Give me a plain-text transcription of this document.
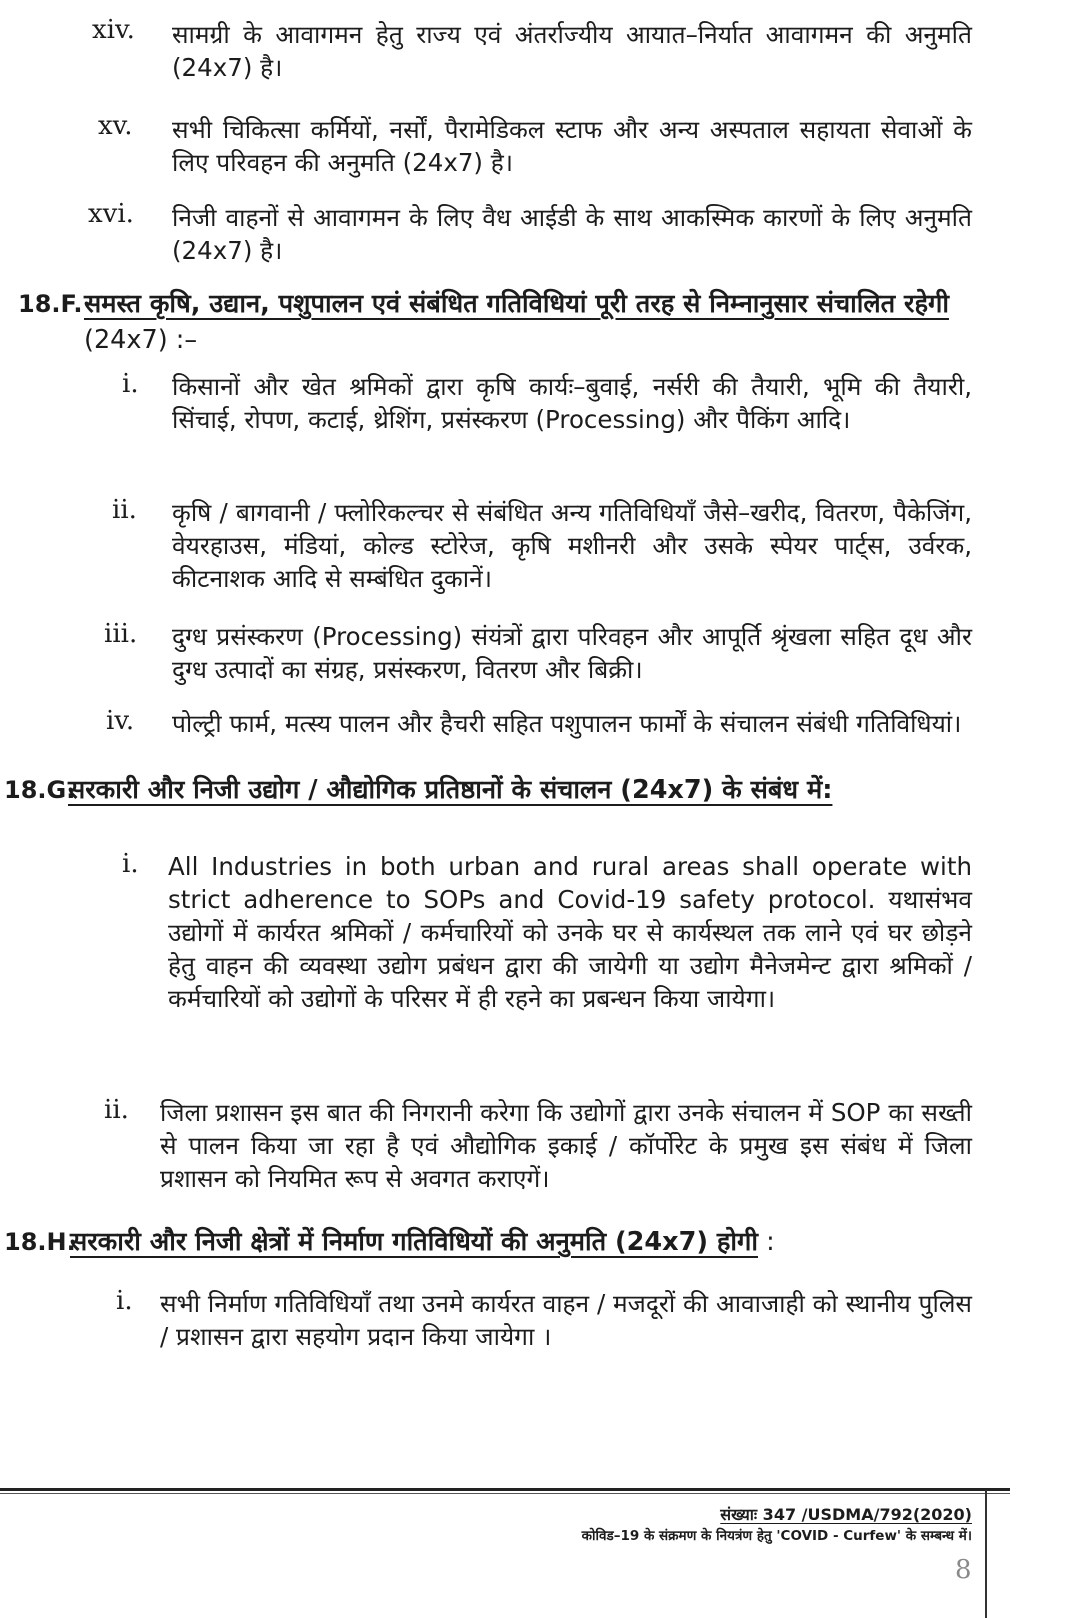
xiv. सामग्री के आवागमन हेतु राज्य एवं अंतर्राज्यीय आयात–निर्यात आवागमन की अनुमति (24x7) है।
xv. सभी चिकित्सा कर्मियों, नर्सों, पैरामेडिकल स्टाफ और अन्य अस्पताल सहायता सेवाओं के लिए परिवहन की अनुमति (24x7) है।
xvi. निजी वाहनों से आवागमन के लिए वैध आईडी के साथ आकस्मिक कारणों के लिए अनुमति (24x7) है।
18.F. समस्त कृषि, उद्यान, पशुपालन एवं संबंधित गतिविधियां पूरी तरह से निम्नानुसार संचालित रहेगी (24x7) :–
i. किसानों और खेत श्रमिकों द्वारा कृषि कार्यः–बुवाई, नर्सरी की तैयारी, भूमि की तैयारी, सिंचाई, रोपण, कटाई, थ्रेशिंग, प्रसंस्करण (Processing) और पैकिंग आदि।
ii. कृषि / बागवानी / फ्लोरिकल्चर से संबंधित अन्य गतिविधियाँ जैसे–खरीद, वितरण, पैकेजिंग, वेयरहाउस, मंडियां, कोल्ड स्टोरेज, कृषि मशीनरी और उसके स्पेयर पार्ट्स, उर्वरक, कीटनाशक आदि से सम्बंधित दुकानें।
iii. दुग्ध प्रसंस्करण (Processing) संयंत्रों द्वारा परिवहन और आपूर्ति श्रृंखला सहित दूध और दुग्ध उत्पादों का संग्रह, प्रसंस्करण, वितरण और बिक्री।
iv. पोल्ट्री फार्म, मत्स्य पालन और हैचरी सहित पशुपालन फार्मों के संचालन संबंधी गतिविधियां।
18.G.
सरकारी और निजी उद्योग / औद्योगिक प्रतिष्ठानों के संचालन (24x7) के संबंध में:
i. All Industries in both urban and rural areas shall operate with strict adherence to SOPs and Covid-19 safety protocol. यथासंभव उद्योगों में कार्यरत श्रमिकों / कर्मचारियों को उनके घर से कार्यस्थल तक लाने एवं घर छोड़ने हेतु वाहन की व्यवस्था उद्योग प्रबंधन द्वारा की जायेगी या उद्योग मैनेजमेन्ट द्वारा श्रमिकों / कर्मचारियों को उद्योगों के परिसर में ही रहने का प्रबन्धन किया जायेगा।
ii. जिला प्रशासन इस बात की निगरानी करेगा कि उद्योगों द्वारा उनके संचालन में SOP का सख्ती से पालन किया जा रहा है एवं औद्योगिक इकाई / कॉर्पोरेट के प्रमुख इस संबंध में जिला प्रशासन को नियमित रूप से अवगत कराएगें।
18.H.
सरकारी और निजी क्षेत्रों में निर्माण गतिविधियों की अनुमति (24x7) होगी :
i. सभी निर्माण गतिविधियाँ तथा उनमे कार्यरत वाहन / मजदूरों की आवाजाही को स्थानीय पुलिस / प्रशासन द्वारा सहयोग प्रदान किया जायेगा ।
संख्याः 347 /USDMA/792(2020)
कोविड–19 के संक्रमण के नियत्रंण हेतु 'COVID - Curfew' के सम्बन्ध में।
8
